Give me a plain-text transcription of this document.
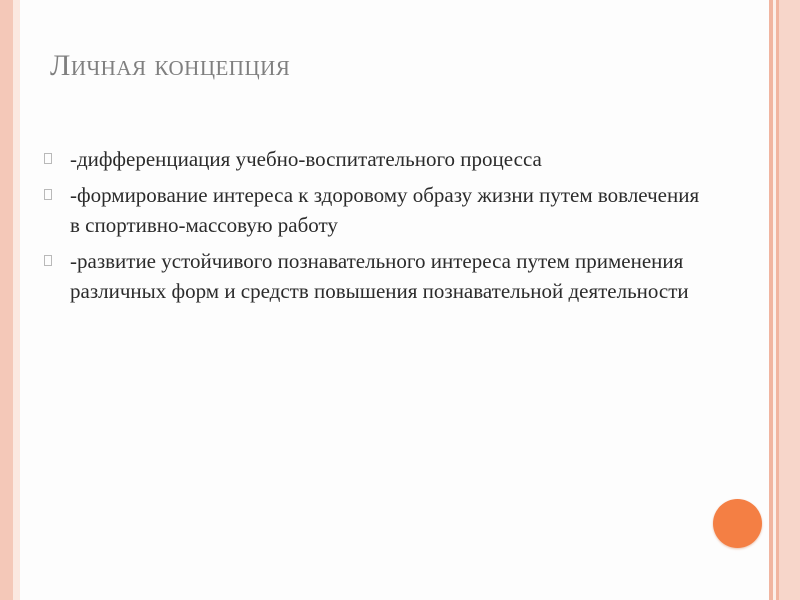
Личная концепция
-дифференциация учебно-воспитательного процесса
-формирование интереса к здоровому образу жизни путем вовлечения в спортивно-массовую работу
-развитие устойчивого познавательного интереса путем применения различных форм и средств повышения познавательной деятельности
